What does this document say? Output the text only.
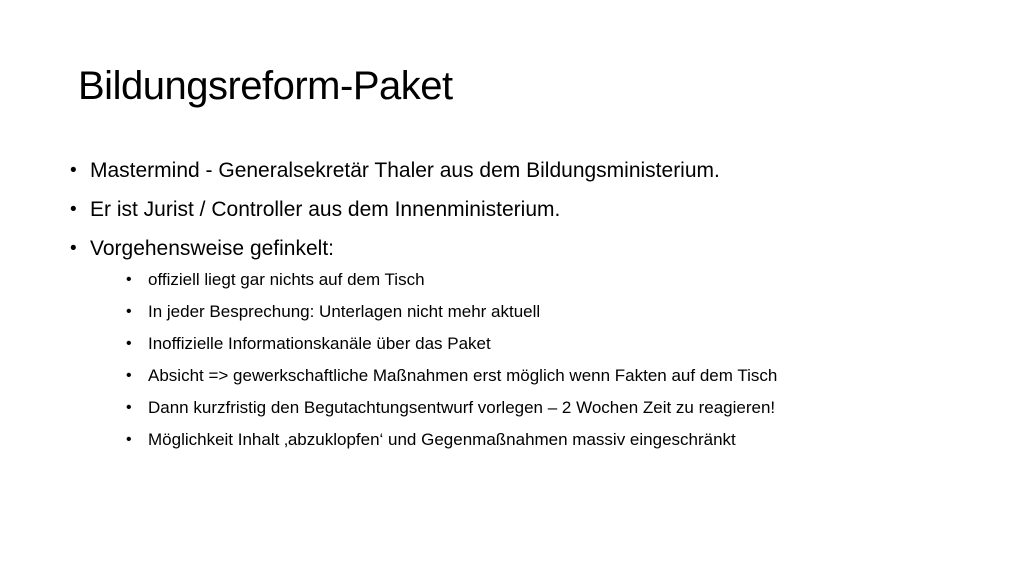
Bildungsreform-Paket
• Mastermind - Generalsekretär Thaler aus dem Bildungsministerium.
• Er ist Jurist / Controller aus dem Innenministerium.
• Vorgehensweise gefinkelt:
• offiziell liegt gar nichts auf dem Tisch
• In jeder Besprechung: Unterlagen nicht mehr aktuell
• Inoffizielle Informationskanäle über das Paket
• Absicht => gewerkschaftliche Maßnahmen erst möglich wenn Fakten auf dem Tisch
• Dann kurzfristig den Begutachtungsentwurf vorlegen – 2 Wochen Zeit zu reagieren!
• Möglichkeit Inhalt ‚abzuklopfen‘ und Gegenmaßnahmen massiv eingeschränkt
